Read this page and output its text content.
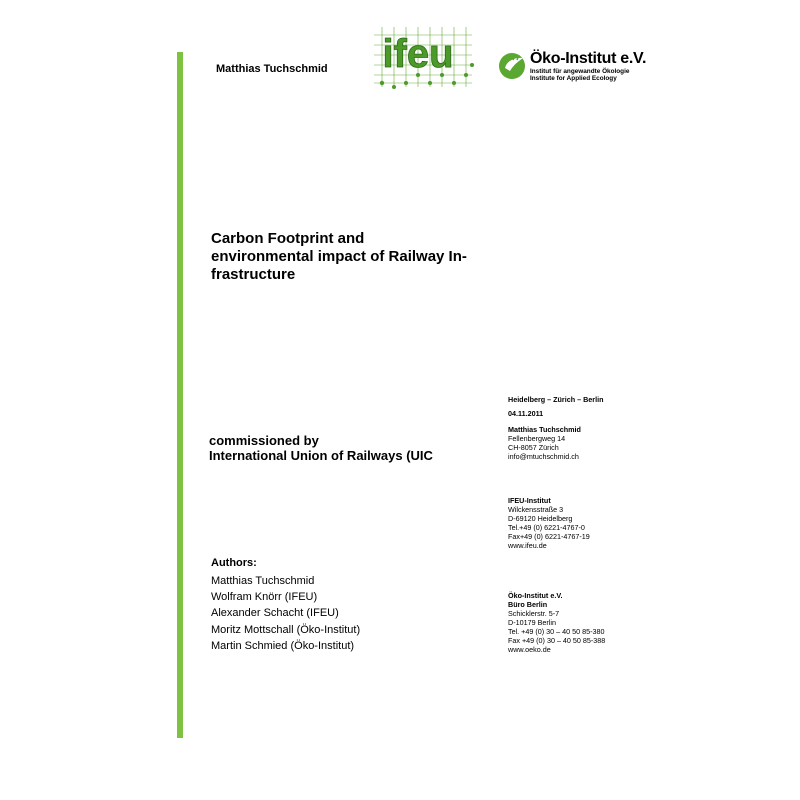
Matthias Tuchschmid ifeu	Öko-Institut e.V.
Institut für angewandte Ökologie
Institute for Applied Ecology
Carbon Footprint and
environmental impact of Railway In-
frastructure
commissioned by
International Union of Railways (UIC
Authors:
Matthias Tuchschmid
Wolfram Knörr (IFEU)
Alexander Schacht (IFEU)
Moritz Mottschall (Öko-Institut)
Martin Schmied (Öko-Institut)
Heidelberg – Zürich – Berlin
04.11.2011
Matthias Tuchschmid
Fellenbergweg 14
CH-8057 Zürich
info@mtuchschmid.ch
IFEU-Institut
Wilckensstraße 3
D-69120 Heidelberg
Tel.+49 (0) 6221-4767-0
Fax+49 (0) 6221-4767-19
www.ifeu.de
Öko-Institut e.V.
Büro Berlin
Schicklerstr. 5-7
D-10179 Berlin
Tel. +49 (0) 30 – 40 50 85-380
Fax +49 (0) 30 – 40 50 85-388
www.oeko.de
